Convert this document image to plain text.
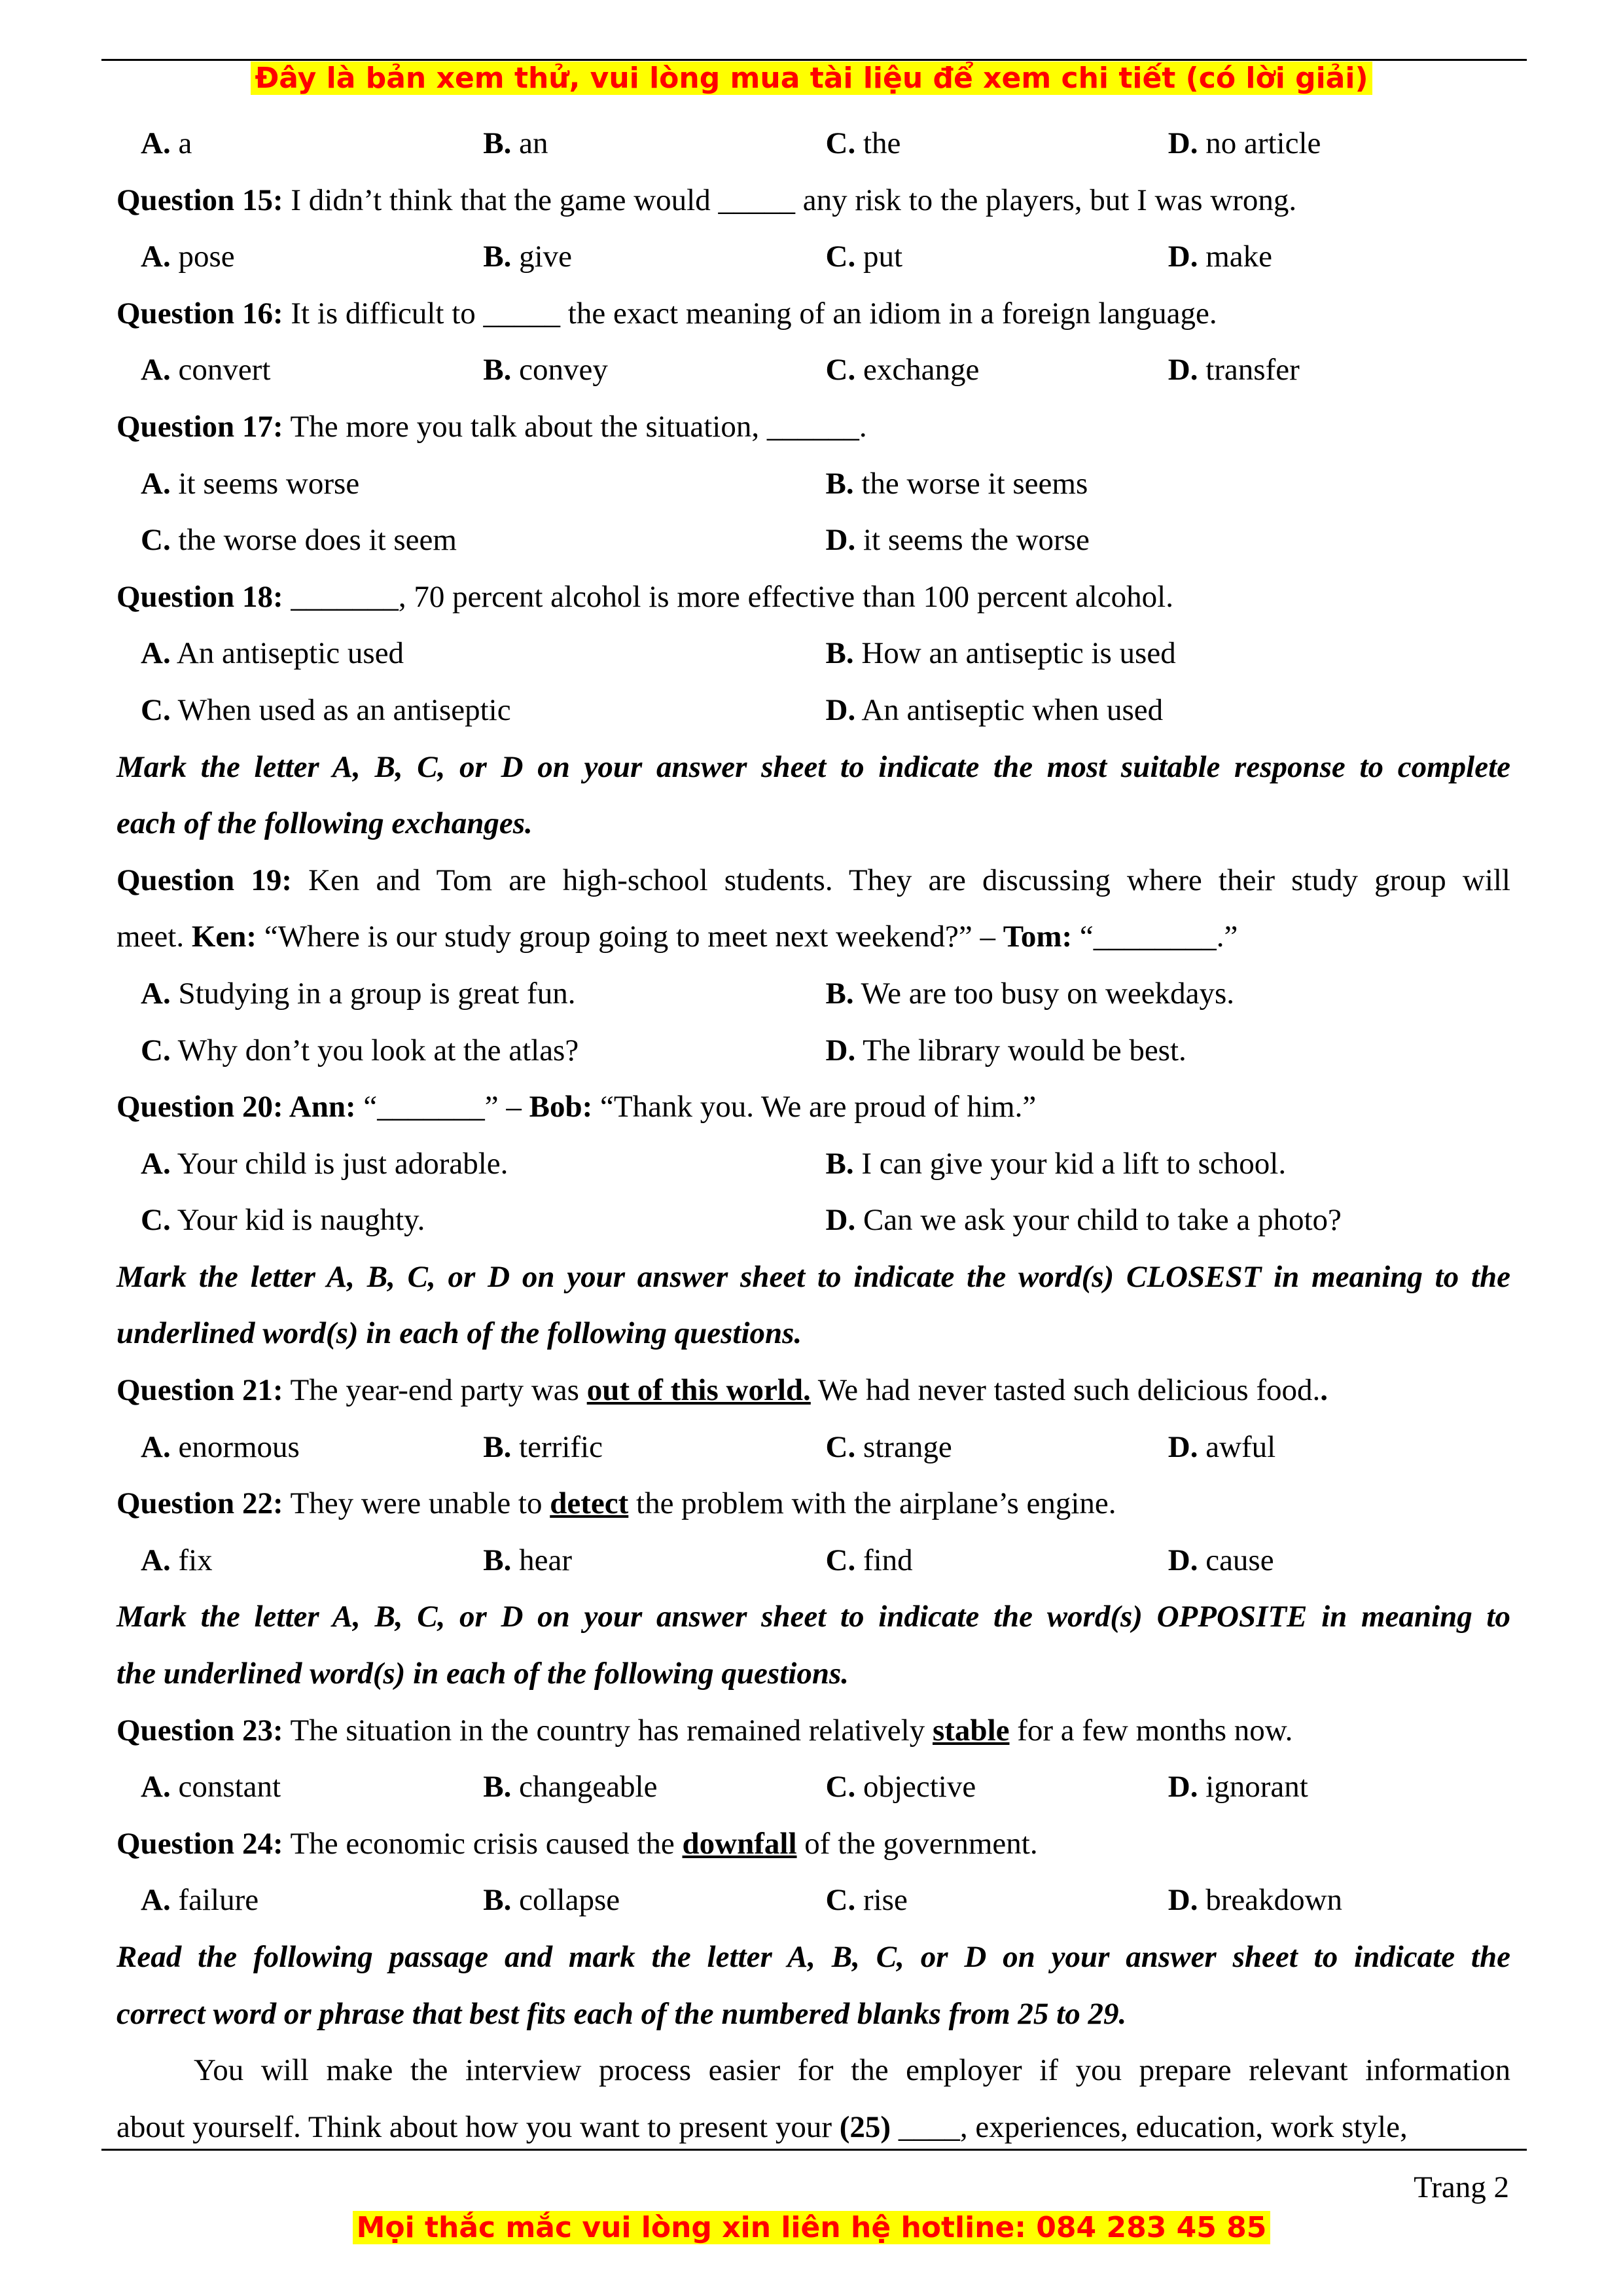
Đây là bản xem thử, vui lòng mua tài liệu để xem chi tiết (có lời giải)
A. a	B. an	C. the	D. no article
Question 15: I didn’t think that the game would _____ any risk to the players, but I was wrong.
A. pose	B. give	C. put	D. make
Question 16: It is difficult to _____ the exact meaning of an idiom in a foreign language.
A. convert	B. convey	C. exchange	D. transfer
Question 17: The more you talk about the situation, ______.
A. it seems worse	B. the worse it seems
C. the worse does it seem	D. it seems the worse
Question 18: _______, 70 percent alcohol is more effective than 100 percent alcohol.
A. An antiseptic used	B. How an antiseptic is used
C. When used as an antiseptic	D. An antiseptic when used
Mark the letter A, B, C, or D on your answer sheet to indicate the most suitable response to complete
each of the following exchanges.
Question 19: Ken and Tom are high-school students. They are discussing where their study group will
meet. Ken: “Where is our study group going to meet next weekend?” – Tom: “________.”
A. Studying in a group is great fun.	B. We are too busy on weekdays.
C. Why don’t you look at the atlas?	D. The library would be best.
Question 20: Ann: “_______” – Bob: “Thank you. We are proud of him.”
A. Your child is just adorable.	B. I can give your kid a lift to school.
C. Your kid is naughty.	D. Can we ask your child to take a photo?
Mark the letter A, B, C, or D on your answer sheet to indicate the word(s) CLOSEST in meaning to the
underlined word(s) in each of the following questions.
Question 21: The year-end party was out of this world. We had never tasted such delicious food..
A. enormous	B. terrific	C. strange	D. awful
Question 22: They were unable to detect the problem with the airplane’s engine.
A. fix	B. hear	C. find	D. cause
Mark the letter A, B, C, or D on your answer sheet to indicate the word(s) OPPOSITE in meaning to
the underlined word(s) in each of the following questions.
Question 23: The situation in the country has remained relatively stable for a few months now.
A. constant	B. changeable	C. objective	D. ignorant
Question 24: The economic crisis caused the downfall of the government.
A. failure	B. collapse	C. rise	D. breakdown
Read the following passage and mark the letter A, B, C, or D on your answer sheet to indicate the
correct word or phrase that best fits each of the numbered blanks from 25 to 29.
You will make the interview process easier for the employer if you prepare relevant information
about yourself. Think about how you want to present your (25) ____, experiences, education, work style,
Trang 2
Mọi thắc mắc vui lòng xin liên hệ hotline: 084 283 45 85
